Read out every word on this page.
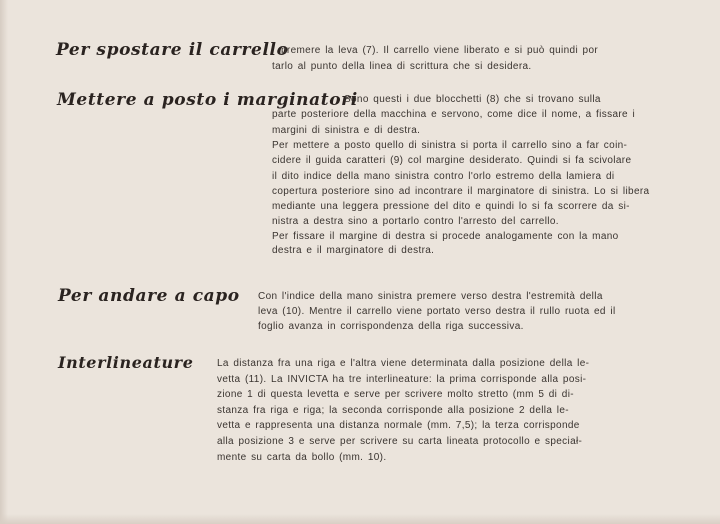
Per spostare il carrello
premere la leva (7). Il carrello viene liberato e si può quindi por
tarlo al punto della linea di scrittura che si desidera.
Mettere a posto i marginatori
Sono questi i due blocchetti (8) che si trovano sulla
parte posteriore della macchina e servono, come dice il nome, a fissare i
margini di sinistra e di destra.
Per mettere a posto quello di sinistra si porta il carrello sino a far coin-
cidere il guida caratteri (9) col margine desiderato. Quindi si fa scivolare
il dito indice della mano sinistra contro l'orlo estremo della lamiera di
copertura posteriore sino ad incontrare il marginatore di sinistra. Lo si libera
mediante una leggera pressione del dito e quindi lo si fa scorrere da si-
nistra a destra sino a portarlo contro l'arresto del carrello.
Per fissare il margine di destra si procede analogamente con la mano
destra e il marginatore di destra.
Per andare a capo Con l'indice della mano sinistra premere verso destra l'estremità della
leva (10). Mentre il carrello viene portato verso destra il rullo ruota ed il
foglio avanza in corrispondenza della riga successiva.
Interlineature La distanza fra una riga e l'altra viene determinata dalla posizione della le-
vetta (11). La INVICTA ha tre interlineature: la prima corrisponde alla posi-
zione 1 di questa levetta e serve per scrivere molto stretto (mm 5 di di-
stanza fra riga e riga; la seconda corrisponde alla posizione 2 della le-
vetta e rappresenta una distanza normale (mm. 7,5); la terza corrisponde
alla posizione 3 e serve per scrivere su carta lineata protocollo e speciał-
mente su carta da bollo (mm. 10).
